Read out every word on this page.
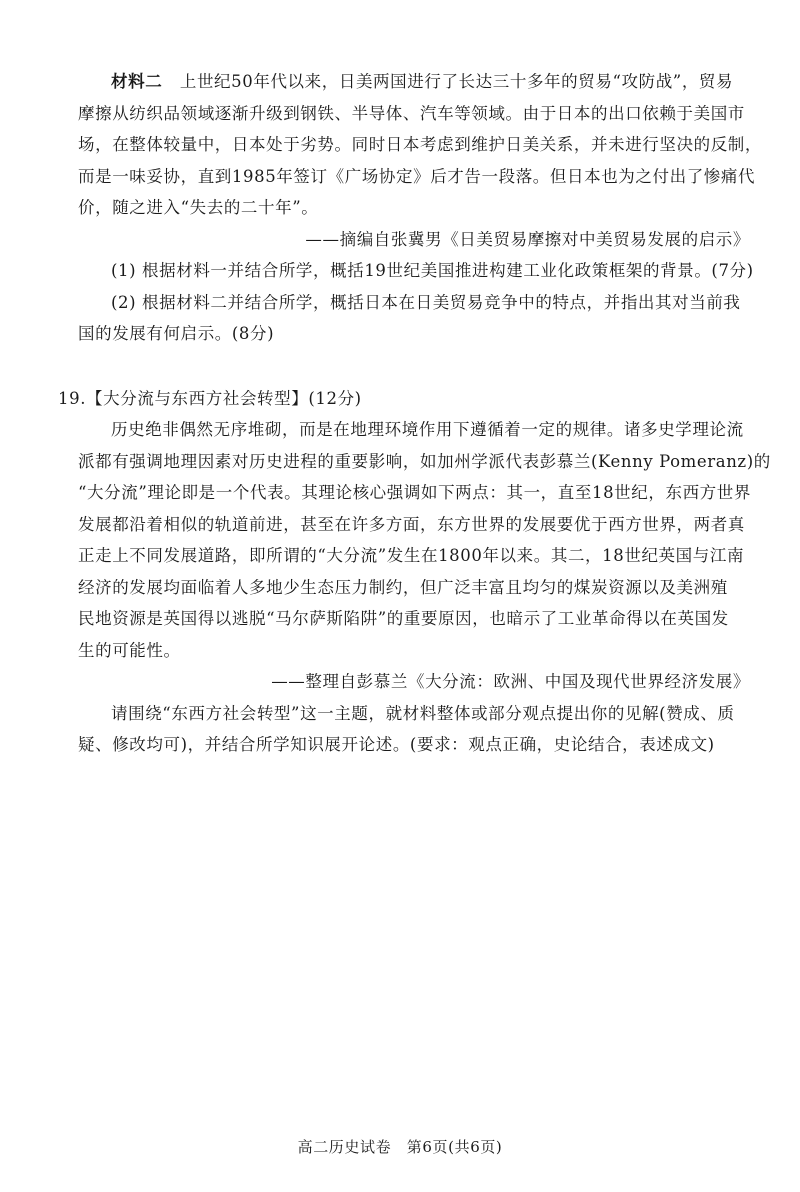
材料二 上世纪50年代以来，日美两国进行了长达三十多年的贸易“攻防战”，贸易
摩擦从纺织品领域逐渐升级到钢铁、半导体、汽车等领域。由于日本的出口依赖于美国市
场，在整体较量中，日本处于劣势。同时日本考虑到维护日美关系，并未进行坚决的反制，
而是一味妥协，直到1985年签订《广场协定》后才告一段落。但日本也为之付出了惨痛代
价，随之进入“失去的二十年”。
——摘编自张冀男《日美贸易摩擦对中美贸易发展的启示》
(1) 根据材料一并结合所学，概括19世纪美国推进构建工业化政策框架的背景。(7分)
(2) 根据材料二并结合所学，概括日本在日美贸易竞争中的特点，并指出其对当前我
国的发展有何启示。(8分)
19.【大分流与东西方社会转型】(12分)
历史绝非偶然无序堆砌，而是在地理环境作用下遵循着一定的规律。诸多史学理论流
派都有强调地理因素对历史进程的重要影响，如加州学派代表彭慕兰(Kenny Pomeranz)的
“大分流”理论即是一个代表。其理论核心强调如下两点：其一，直至18世纪，东西方世界
发展都沿着相似的轨道前进，甚至在许多方面，东方世界的发展要优于西方世界，两者真
正走上不同发展道路，即所谓的“大分流”发生在1800年以来。其二，18世纪英国与江南
经济的发展均面临着人多地少生态压力制约，但广泛丰富且均匀的煤炭资源以及美洲殖
民地资源是英国得以逃脱“马尔萨斯陷阱”的重要原因，也暗示了工业革命得以在英国发
生的可能性。
——整理自彭慕兰《大分流：欧洲、中国及现代世界经济发展》
请围绕“东西方社会转型”这一主题，就材料整体或部分观点提出你的见解(赞成、质
疑、修改均可)，并结合所学知识展开论述。(要求：观点正确，史论结合，表述成文)
高二历史试卷　第6页(共6页)
